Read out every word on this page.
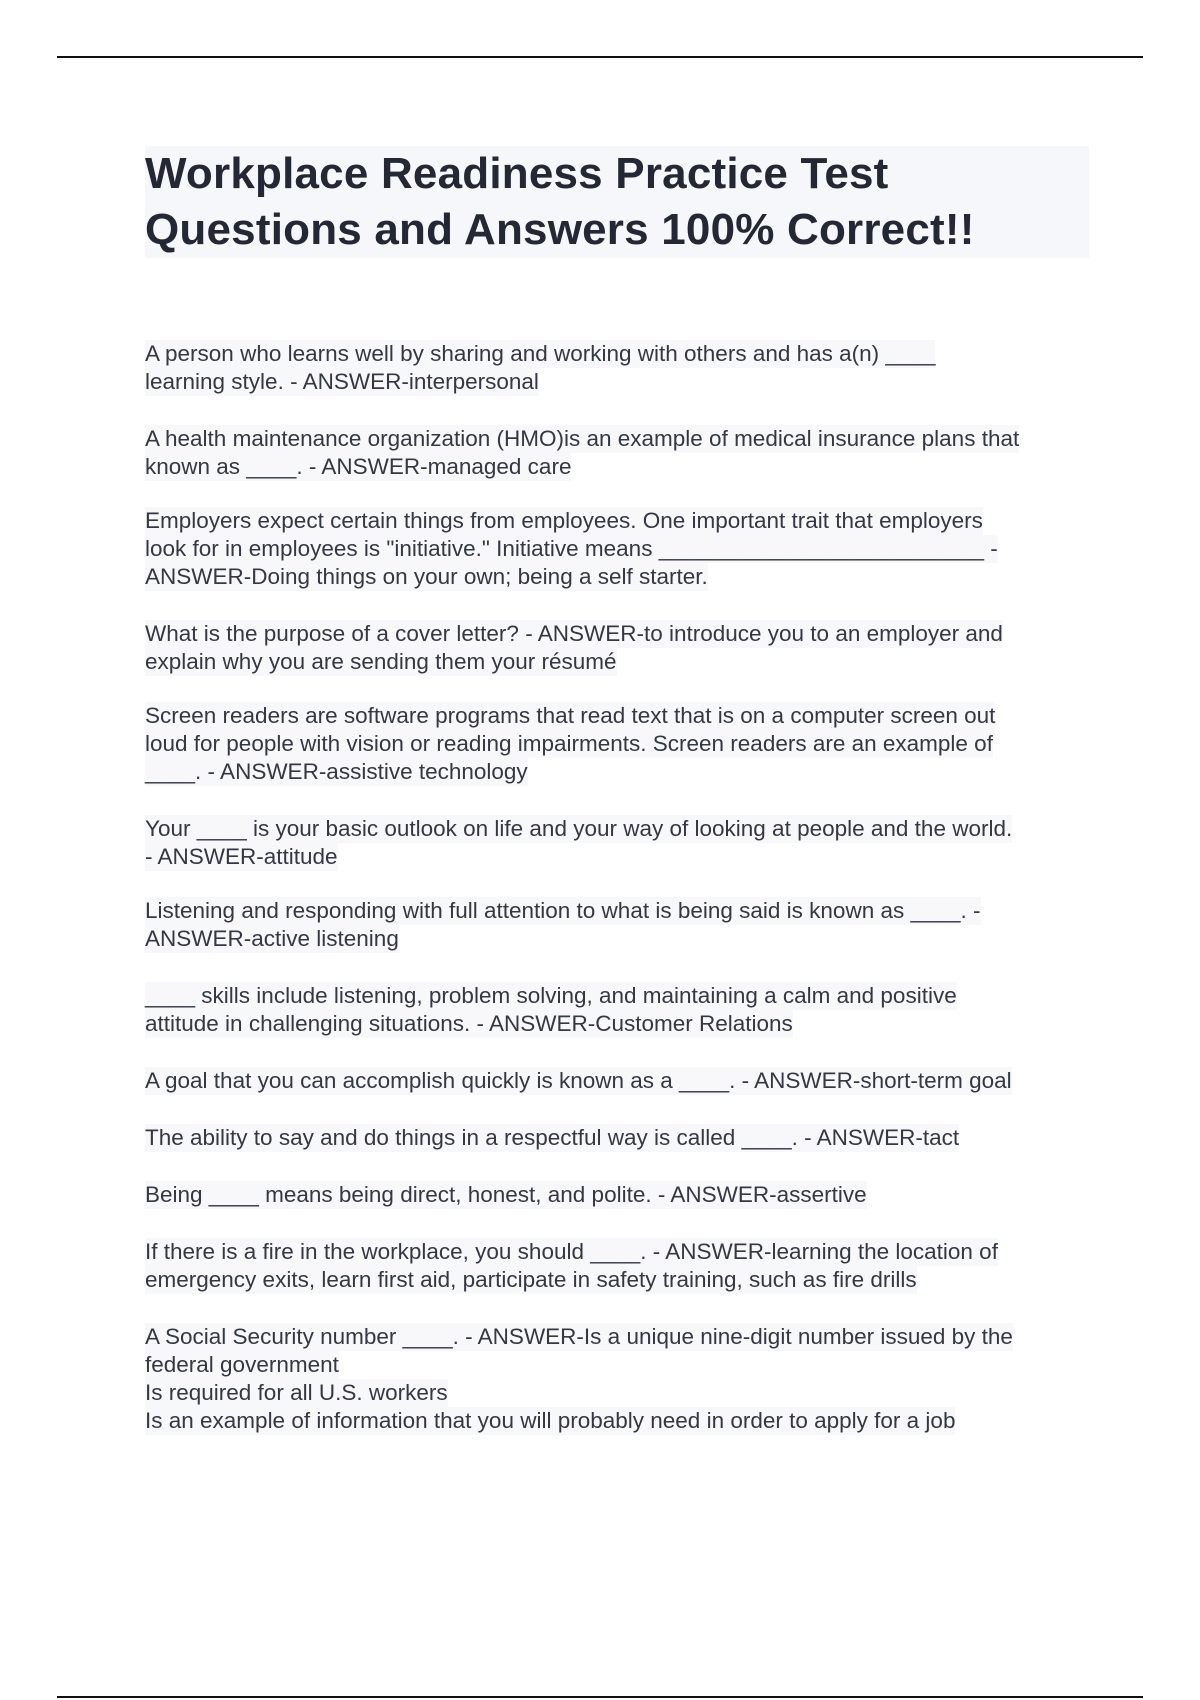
Workplace Readiness Practice Test
Questions and Answers 100% Correct!!
A person who learns well by sharing and working with others and has a(n) ____
learning style. - ANSWER-interpersonal
A health maintenance organization (HMO)is an example of medical insurance plans that
known as ____. - ANSWER-managed care
Employers expect certain things from employees. One important trait that employers
look for in employees is "initiative." Initiative means __________________________ -
ANSWER-Doing things on your own; being a self starter.
What is the purpose of a cover letter? - ANSWER-to introduce you to an employer and
explain why you are sending them your résumé
Screen readers are software programs that read text that is on a computer screen out
loud for people with vision or reading impairments. Screen readers are an example of
____. - ANSWER-assistive technology
Your ____ is your basic outlook on life and your way of looking at people and the world.
- ANSWER-attitude
Listening and responding with full attention to what is being said is known as ____. -
ANSWER-active listening
____ skills include listening, problem solving, and maintaining a calm and positive
attitude in challenging situations. - ANSWER-Customer Relations
A goal that you can accomplish quickly is known as a ____. - ANSWER-short-term goal
The ability to say and do things in a respectful way is called ____. - ANSWER-tact
Being ____ means being direct, honest, and polite. - ANSWER-assertive
If there is a fire in the workplace, you should ____. - ANSWER-learning the location of
emergency exits, learn first aid, participate in safety training, such as fire drills
A Social Security number ____. - ANSWER-Is a unique nine-digit number issued by the
federal government
Is required for all U.S. workers
Is an example of information that you will probably need in order to apply for a job
